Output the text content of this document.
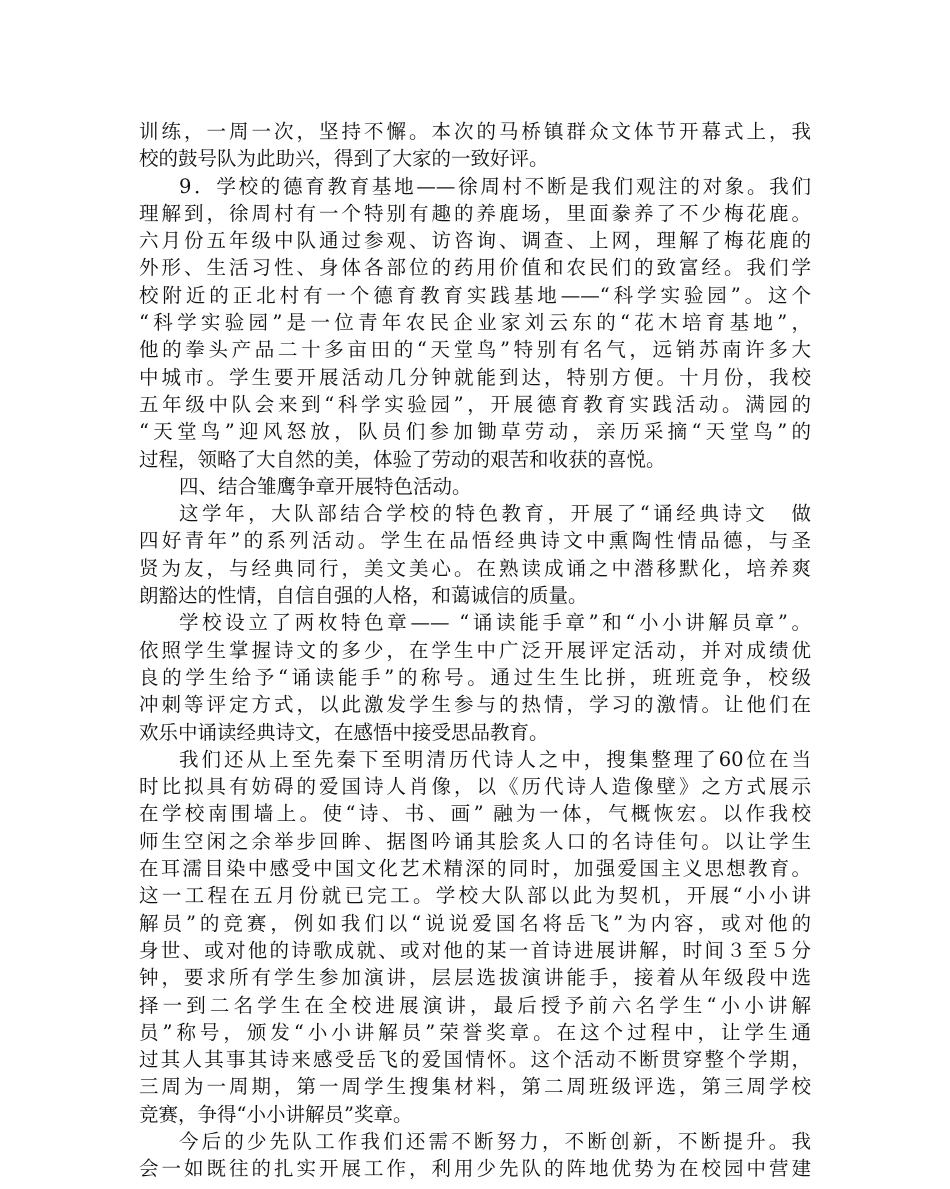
训练，一周一次，坚持不懈。本次的马桥镇群众文体节开幕式上，我
校的鼓号队为此助兴，得到了大家的一致好评。
9．学校的德育教育基地——徐周村不断是我们观注的对象。我们
理解到，徐周村有一个特别有趣的养鹿场，里面豢养了不少梅花鹿。
六月份五年级中队通过参观、访咨询、调查、上网，理解了梅花鹿的
外形、生活习性、身体各部位的药用价值和农民们的致富经。我们学
校附近的正北村有一个德育教育实践基地——“科学实验园”。这个
“科学实验园”是一位青年农民企业家刘云东的“花木培育基地”，
他的拳头产品二十多亩田的“天堂鸟”特别有名气，远销苏南许多大
中城市。学生要开展活动几分钟就能到达，特别方便。十月份，我校
五年级中队会来到“科学实验园”，开展德育教育实践活动。满园的
“天堂鸟”迎风怒放，队员们参加锄草劳动，亲历采摘“天堂鸟”的
过程，领略了大自然的美，体验了劳动的艰苦和收获的喜悦。
四、结合雏鹰争章开展特色活动。
这学年，大队部结合学校的特色教育，开展了“诵经典诗文　做
四好青年”的系列活动。学生在品悟经典诗文中熏陶性情品德，与圣
贤为友，与经典同行，美文美心。在熟读成诵之中潜移默化，培养爽
朗豁达的性情，自信自强的人格，和蔼诚信的质量。
学校设立了两枚特色章—— “诵读能手章”和“小小讲解员章”。
依照学生掌握诗文的多少，在学生中广泛开展评定活动，并对成绩优
良的学生给予“诵读能手”的称号。通过生生比拼，班班竞争，校级
冲刺等评定方式，以此激发学生参与的热情，学习的激情。让他们在
欢乐中诵读经典诗文，在感悟中接受思品教育。
我们还从上至先秦下至明清历代诗人之中，搜集整理了60位在当
时比拟具有妨碍的爱国诗人肖像，以《历代诗人造像壁》之方式展示
在学校南围墙上。使“诗、书、画” 融为一体，气概恢宏。以作我校
师生空闲之余举步回眸、据图吟诵其脍炙人口的名诗佳句。以让学生
在耳濡目染中感受中国文化艺术精深的同时，加强爱国主义思想教育。
这一工程在五月份就已完工。学校大队部以此为契机，开展“小小讲
解员”的竞赛，例如我们以“说说爱国名将岳飞”为内容，或对他的
身世、或对他的诗歌成就、或对他的某一首诗进展讲解，时间３至５分
钟，要求所有学生参加演讲，层层选拔演讲能手，接着从年级段中选
择一到二名学生在全校进展演讲，最后授予前六名学生“小小讲解
员”称号，颁发“小小讲解员”荣誉奖章。在这个过程中，让学生通
过其人其事其诗来感受岳飞的爱国情怀。这个活动不断贯穿整个学期，
三周为一周期，第一周学生搜集材料，第二周班级评选，第三周学校
竞赛，争得“小小讲解员”奖章。
今后的少先队工作我们还需不断努力，不断创新，不断提升。我
会一如既往的扎实开展工作，利用少先队的阵地优势为在校园中营建
